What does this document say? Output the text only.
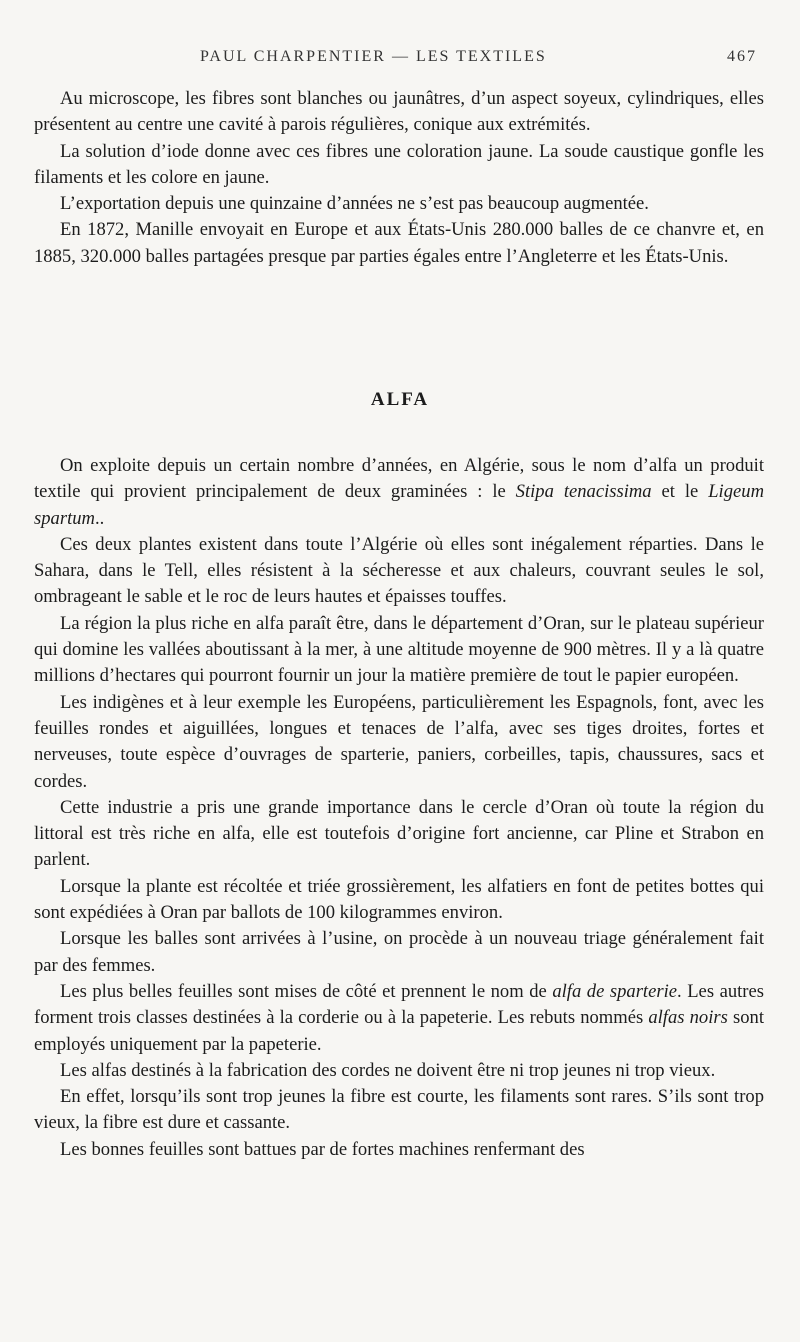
PAUL CHARPENTIER — LES TEXTILES	467

Au microscope, les fibres sont blanches ou jaunâtres, d’un aspect soyeux, cylindriques, elles présentent au centre une cavité à parois régulières, conique aux extrémités.

La solution d’iode donne avec ces fibres une coloration jaune. La soude caustique gonfle les filaments et les colore en jaune.

L’exportation depuis une quinzaine d’années ne s’est pas beaucoup augmentée.

En 1872, Manille envoyait en Europe et aux États-Unis 280.000 balles de ce chanvre et, en 1885, 320.000 balles partagées presque par parties égales entre l’Angleterre et les États-Unis.

ALFA

On exploite depuis un certain nombre d’années, en Algérie, sous le nom d’alfa un produit textile qui provient principalement de deux graminées : le Stipa tenacissima et le Ligeum spartum..

Ces deux plantes existent dans toute l’Algérie où elles sont inégalement réparties. Dans le Sahara, dans le Tell, elles résistent à la sécheresse et aux chaleurs, couvrant seules le sol, ombrageant le sable et le roc de leurs hautes et épaisses touffes.

La région la plus riche en alfa paraît être, dans le département d’Oran, sur le plateau supérieur qui domine les vallées aboutissant à la mer, à une altitude moyenne de 900 mètres. Il y a là quatre millions d’hectares qui pourront fournir un jour la matière première de tout le papier européen.

Les indigènes et à leur exemple les Européens, particulièrement les Espagnols, font, avec les feuilles rondes et aiguillées, longues et tenaces de l’alfa, avec ses tiges droites, fortes et nerveuses, toute espèce d’ouvrages de sparterie, paniers, corbeilles, tapis, chaussures, sacs et cordes.

Cette industrie a pris une grande importance dans le cercle d’Oran où toute la région du littoral est très riche en alfa, elle est toutefois d’origine fort ancienne, car Pline et Strabon en parlent.

Lorsque la plante est récoltée et triée grossièrement, les alfatiers en font de petites bottes qui sont expédiées à Oran par ballots de 100 kilogrammes environ.

Lorsque les balles sont arrivées à l’usine, on procède à un nouveau triage généralement fait par des femmes.

Les plus belles feuilles sont mises de côté et prennent le nom de alfa de sparterie. Les autres forment trois classes destinées à la corderie ou à la papeterie. Les rebuts nommés alfas noirs sont employés uniquement par la papeterie.

Les alfas destinés à la fabrication des cordes ne doivent être ni trop jeunes ni trop vieux.

En effet, lorsqu’ils sont trop jeunes la fibre est courte, les filaments sont rares. S’ils sont trop vieux, la fibre est dure et cassante.

Les bonnes feuilles sont battues par de fortes machines renfermant des
